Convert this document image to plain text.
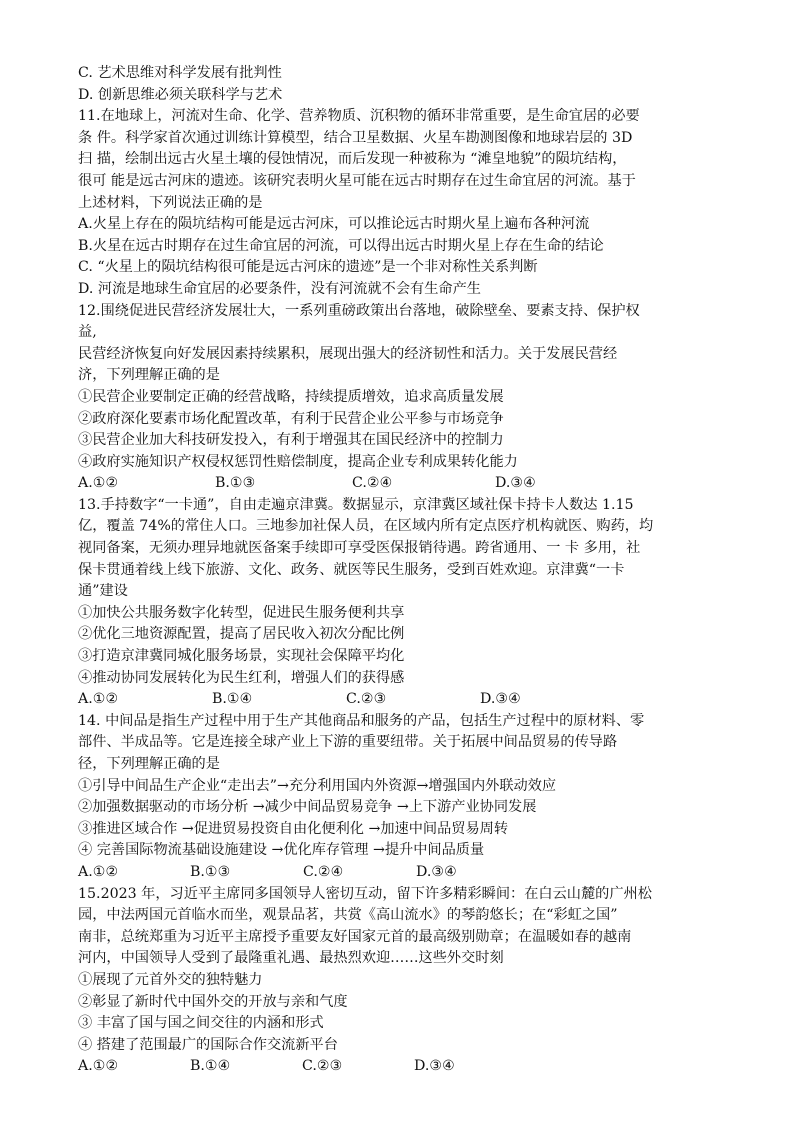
C. 艺术思维对科学发展有批判性
D. 创新思维必须关联科学与艺术
11.在地球上，河流对生命、化学、营养物质、沉积物的循环非常重要，是生命宜居的必要
条 件。科学家首次通过训练计算模型，结合卫星数据、火星车勘测图像和地球岩层的 3D
扫 描，绘制出远古火星土壤的侵蚀情况，而后发现一种被称为 “滩皇地貌”的陨坑结构，
很可 能是远古河床的遗迹。该研究表明火星可能在远古时期存在过生命宜居的河流。基于
上述材料，下列说法正确的是
A.火星上存在的陨坑结构可能是远古河床，可以推论远古时期火星上遍布各种河流
B.火星在远古时期存在过生命宜居的河流，可以得出远古时期火星上存在生命的结论
C. “火星上的陨坑结构很可能是远古河床的遗迹”是一个非对称性关系判断
D. 河流是地球生命宜居的必要条件，没有河流就不会有生命产生
12.围绕促进民营经济发展壮大，一系列重磅政策出台落地，破除壁垒、要素支持、保护权
益,
民营经济恢复向好发展因素持续累积，展现出强大的经济韧性和活力。关于发展民营经
济，下列理解正确的是
①民营企业要制定正确的经营战略，持续提质增效，追求高质量发展
②政府深化要素市场化配置改革，有利于民营企业公平参与市场竞争
③民营企业加大科技研发投入，有利于增强其在国民经济中的控制力
④政府实施知识产权侵权惩罚性赔偿制度，提高企业专利成果转化能力
A.①②	B.①③	C.②④	D.③④
13.手持数字“一卡通”，自由走遍京津冀。数据显示，京津冀区域社保卡持卡人数达 1.15
亿，覆盖 74%的常住人口。三地参加社保人员，在区域内所有定点医疗机构就医、购药，均
视同备案，无须办理异地就医备案手续即可享受医保报销待遇。跨省通用、一 卡 多用，社
保卡贯通着线上线下旅游、文化、政务、就医等民生服务，受到百姓欢迎。京津冀“一卡
通”建设
①加快公共服务数字化转型，促进民生服务便利共享
②优化三地资源配置，提高了居民收入初次分配比例
③打造京津冀同城化服务场景，实现社会保障平均化
④推动协同发展转化为民生红利，增强人们的获得感
A.①②	B.①④	C.②③	D.③④
14. 中间品是指生产过程中用于生产其他商品和服务的产品，包括生产过程中的原材料、零
部件、半成品等。它是连接全球产业上下游的重要纽带。关于拓展中间品贸易的传导路
径，下列理解正确的是
①引导中间品生产企业“走出去”→充分利用国内外资源→增强国内外联动效应
②加强数据驱动的市场分析 →减少中间品贸易竞争 →上下游产业协同发展
③推进区域合作 →促进贸易投资自由化便利化 →加速中间品贸易周转
④ 完善国际物流基础设施建设 →优化库存管理 →提升中间品质量
A.①②	B.①③	C.②④	D.③④
15.2023 年，习近平主席同多国领导人密切互动，留下许多精彩瞬间：在白云山麓的广州松
园，中法两国元首临水而坐，观景品茗，共赏《高山流水》的琴韵悠长；在“彩虹之国”
南非，总统郑重为习近平主席授予重要友好国家元首的最高级别勋章；在温暖如春的越南
河内，中国领导人受到了最隆重礼遇、最热烈欢迎……这些外交时刻
①展现了元首外交的独特魅力
②彰显了新时代中国外交的开放与亲和气度
③ 丰富了国与国之间交往的内涵和形式
④ 搭建了范围最广的国际合作交流新平台
A.①②	B.①④	C.②③	D.③④
